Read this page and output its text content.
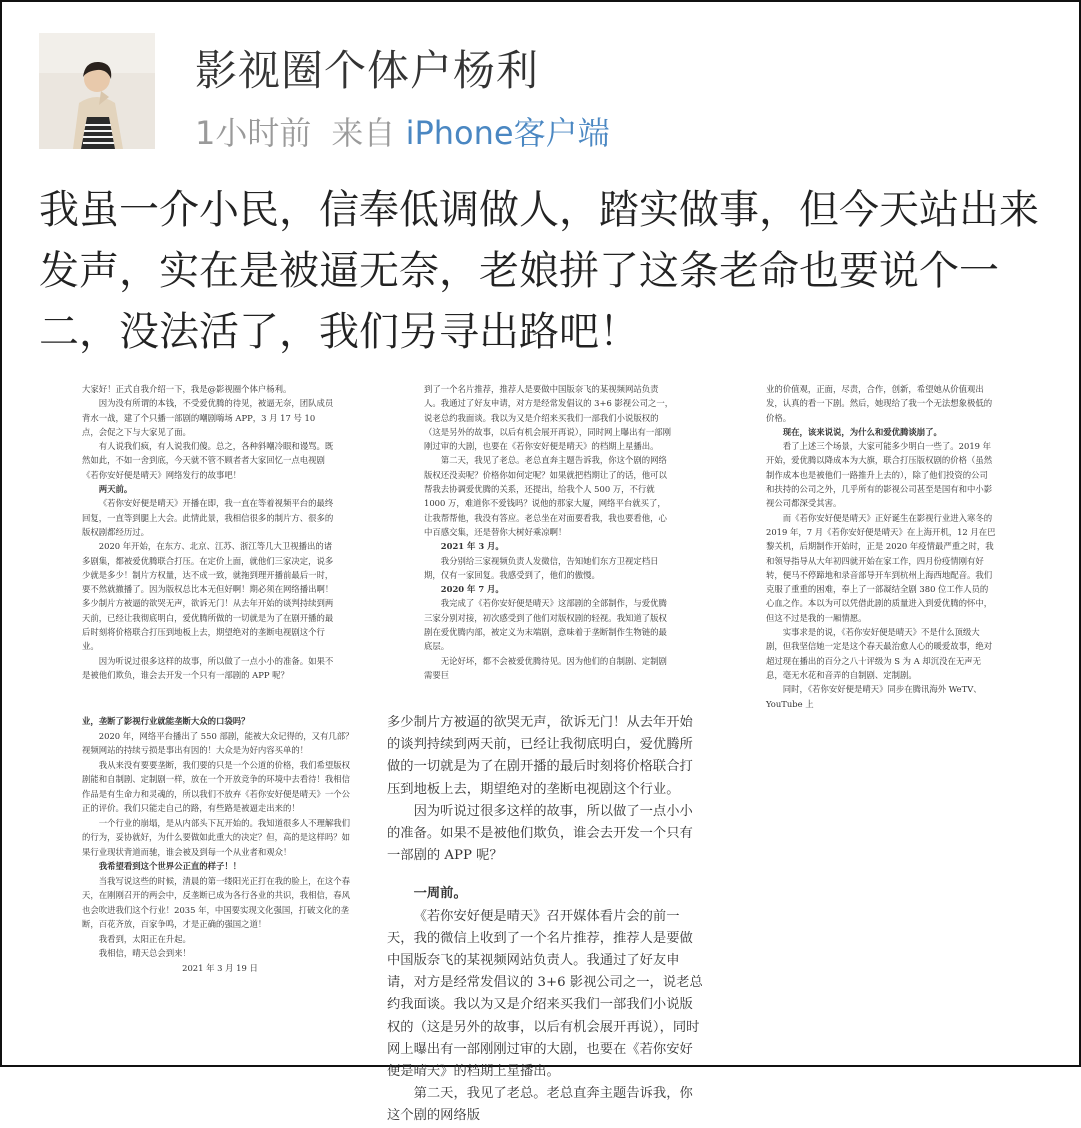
影视圈个体户杨利
1小时前 来自 iPhone客户端
我虽一介小民，信奉低调做人，踏实做事，但今天站出来发声，实在是被逼无奈，老娘拼了这条老命也要说个一二，没法活了，我们另寻出路吧！

大家好！正式自我介绍一下，我是@影视圈个体户杨利。

因为没有所谓的本钱，不受爱优腾的待见，被逼无奈，团队成员背水一战，建了个只播一部剧的嘲剧嗨场 APP，3 月 17 号 10 点，会促之下与大家见了面。

有人说我们疯，有人说我们傻。总之，各种斜嘲冷眼和谩骂。既然如此，不如一舍到底，今天就不管不顾者者大家回忆一点电视剧《若你安好便是晴天》网络发行的故事吧！

两天前。

《若你安好便是晴天》开播在即，我一直在等着视频平台的最终回复，一直等到腿上大会。此情此景，我相信很多的制片方、很多的版权剧都经历过。

2020 年开始，在东方、北京、江苏、浙江等几大卫视播出的诸多剧集，都被爱优腾联合打压。在定价上面，就他们三家决定，说多少就是多少！制片方权量，达不成一致，就拖到理开播前最后一时，要不然就撤播了。因为版权总比本无但好啊！期必须在网络播出啊！多少制片方被逼的欲哭无声，欲诉无门！从去年开始的谈判持续到两天前，已经让我彻底明白，爱优腾所做的一切就是为了在剧开播的最后时刻将价格联合打压到地板上去，期望绝对的垄断电视剧这个行业。

因为听说过很多这样的故事，所以做了一点小小的准备。如果不是被他们欺负，谁会去开发一个只有一部剧的 APP 呢？

到了一个名片推荐，推荐人是要做中国版奈飞的某视频网站负责人。我通过了好友申请，对方是经常发倡议的 3+6 影视公司之一，说老总约我面谈。我以为又是介绍来买我们一部我们小说版权的（这是另外的故事，以后有机会展开再说），同时网上曝出有一部刚刚过审的大剧，也要在《若你安好便是晴天》的档期上星播出。

第二天，我见了老总。老总直奔主题告诉我，你这个剧的网络版权还没卖呢？价格你如何定呢？如果就把档期让了的话，他可以帮我去协调爱优腾的关系，还提出，给我个人 500 万，不行就 1000 万，难道你不爱钱吗？说他的那家大厦，网络平台就买了，让我帮帮他，我没有答应。老总坐在对面要看我，我也要看他，心中百感交集，还是替你大树好乘凉啊！

2021 年 3 月。

我分别给三家视频负责人发微信，告知她们东方卫视定档日期，仅有一家回复。我感受到了，他们的傲慢。

2020 年 7 月。

我完成了《若你安好便是晴天》这部剧的全部制作，与爱优腾三家分别对接，初次感受到了他们对版权剧的轻视。我知道了版权剧在爱优腾内部，被定义为末端剧，意味着于垄断制作生物链的最底层。

无论好坏，都不会被爱优腾待见。因为他们的自制剧、定制剧需要巨

业的价值观，正面，尽责，合作，创新，希望她从价值观出发，认真的看一下剧。然后，她现给了我一个无法想象极低的价格。

现在，该来说说，为什么和爱优腾谈崩了。

看了上述三个场景，大家可能多少明白一些了。2019 年开始，爱优腾以降成本为大旗，联合打压版权剧的价格（虽然制作成本也是被他们一路推升上去的），除了他们投资的公司和扶持的公司之外，几乎所有的影视公司甚至是国有和中小影视公司都深受其害。

而《若你安好便是晴天》正好诞生在影视行业进入寒冬的 2019 年，7 月《若你安好便是晴天》在上海开机，12 月在巴黎关机，后期制作开始时，正是 2020 年疫情最严重之时，我和领导指导从大年初四就开始在家工作，四月份疫情刚有好转，便马不停蹄地和录音部导开车到杭州上海西地配音。我们克服了重重的困难，奉上了一部凝结全剧 380 位工作人员的心血之作。本以为可以凭借此剧的质量进入到爱优腾的怀中，但这不过是我的一厢情愿。

实事求是的说，《若你安好便是晴天》不是什么顶级大剧，但我坚信她一定是这个春天最治愈人心的暖爱故事，绝对超过现在播出的百分之八十评级为 S 为 A 却沉没在无声无息，毫无水花和音弄的自制剧、定制剧。

同时，《若你安好便是晴天》同步在腾讯海外 WeTV、YouTube 上

业，垄断了影视行业就能垄断大众的口袋吗？

2020 年，网络平台播出了 550 部剧，能被大众记得的，又有几部？视频网站的持续亏损是事出有因的！大众是为好内容买单的！

我从来没有要要垄断，我们要的只是一个公道的价格，我们希望版权剧能和自制剧、定制剧一样，放在一个开放竞争的环境中去看待！我相信作品是有生命力和灵魂的，所以我们不放弃《若你安好便是晴天》一个公正的评价。我们只能走自己的路，有些路是被逼走出来的！

一个行业的崩塌，是从内部头下瓦开始的。我知道很多人不理解我们的行为，妥协就好，为什么要做如此重大的决定？但，高的是这样吗？如果行业现状背道而驰，谁会被及到每一个从业者和观众！

我希望看到这个世界公正直的样子！！

当我写说这些的时候，清晨的第一缕阳光正打在我的脸上，在这个春天，在刚刚召开的两会中，反垄断已成为各行各业的共识，我相信，春风也会吹进我们这个行业！2035 年，中国要实现文化强国，打破文化的垄断，百花齐放，百家争鸣，才是正确的强国之道！

我看到，太阳正在升起。

我相信，晴天总会到来！

2021 年 3 月 19 日

多少制片方被逼的欲哭无声，欲诉无门！从去年开始的谈判持续到两天前，已经让我彻底明白，爱优腾所做的一切就是为了在剧开播的最后时刻将价格联合打压到地板上去，期望绝对的垄断电视剧这个行业。

因为听说过很多这样的故事，所以做了一点小小的准备。如果不是被他们欺负，谁会去开发一个只有一部剧的 APP 呢？

一周前。

《若你安好便是晴天》召开媒体看片会的前一天，我的微信上收到了一个名片推荐，推荐人是要做中国版奈飞的某视频网站负责人。我通过了好友申请，对方是经常发倡议的 3+6 影视公司之一，说老总约我面谈。我以为又是介绍来买我们一部我们小说版权的（这是另外的故事，以后有机会展开再说），同时网上曝出有一部刚刚过审的大剧，也要在《若你安好便是晴天》的档期上星播出。

第二天，我见了老总。老总直奔主题告诉我，你这个剧的网络版
